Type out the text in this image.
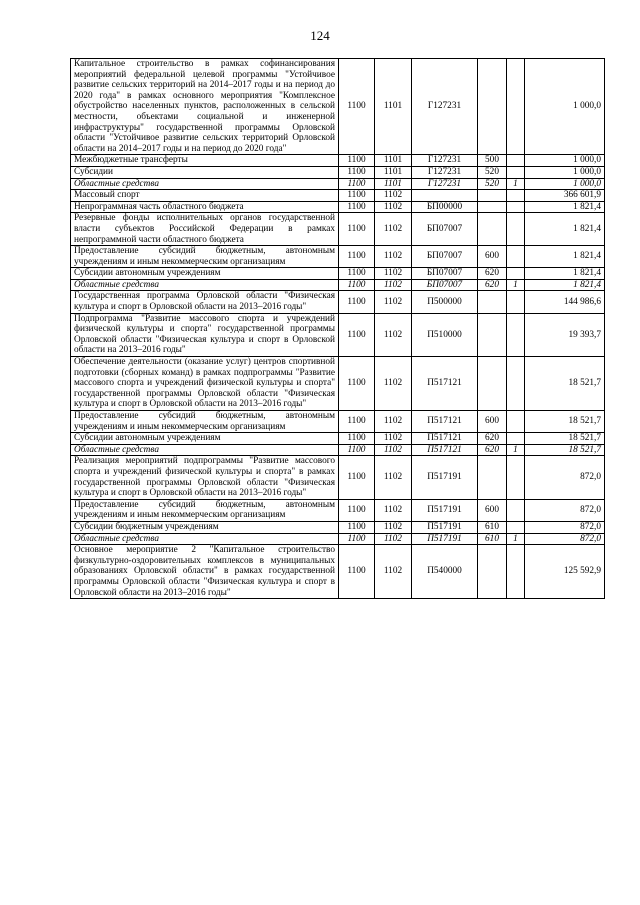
124
Капитальное строительство в рамках софинансирования мероприятий федеральной целевой программы "Устойчивое развитие сельских территорий на 2014–2017 годы и на период до 2020 года" в рамках основного мероприятия "Комплексное обустройство населенных пунктов, расположенных в сельской местности, объектами социальной и инженерной инфраструктуры" государственной программы Орловской области "Устойчивое развитие сельских территорий Орловской области на 2014–2017 годы и на период до 2020 года"	1100	1101	Г127231			1 000,0
Межбюджетные трансферты	1100	1101	Г127231	500		1 000,0
Субсидии	1100	1101	Г127231	520		1 000,0
Областные средства	1100	1101	Г127231	520	1	1 000,0
Массовый спорт	1100	1102				366 601,9
Непрограммная часть областного бюджета	1100	1102	БП00000			1 821,4
Резервные фонды исполнительных органов государственной власти субъектов Российской Федерации в рамках непрограммной части областного бюджета	1100	1102	БП07007			1 821,4
Предоставление субсидий бюджетным, автономным учреждениям и иным некоммерческим организациям	1100	1102	БП07007	600		1 821,4
Субсидии автономным учреждениям	1100	1102	БП07007	620		1 821,4
Областные средства	1100	1102	БП07007	620	1	1 821,4
Государственная программа Орловской области "Физическая культура и спорт в Орловской области на 2013–2016 годы"	1100	1102	П500000			144 986,6
Подпрограмма "Развитие массового спорта и учреждений физической культуры и спорта" государственной программы Орловской области "Физическая культура и спорт в Орловской области на 2013–2016 годы"	1100	1102	П510000			19 393,7
Обеспечение деятельности (оказание услуг) центров спортивной подготовки (сборных команд) в рамках подпрограммы "Развитие массового спорта и учреждений физической культуры и спорта" государственной программы Орловской области "Физическая культура и спорт в Орловской области на 2013–2016 годы"	1100	1102	П517121			18 521,7
Предоставление субсидий бюджетным, автономным учреждениям и иным некоммерческим организациям	1100	1102	П517121	600		18 521,7
Субсидии автономным учреждениям	1100	1102	П517121	620		18 521,7
Областные средства	1100	1102	П517121	620	1	18 521,7
Реализация мероприятий подпрограммы "Развитие массового спорта и учреждений физической культуры и спорта" в рамках государственной программы Орловской области "Физическая культура и спорт в Орловской области на 2013–2016 годы"	1100	1102	П517191			872,0
Предоставление субсидий бюджетным, автономным учреждениям и иным некоммерческим организациям	1100	1102	П517191	600		872,0
Субсидии бюджетным учреждениям	1100	1102	П517191	610		872,0
Областные средства	1100	1102	П517191	610	1	872,0
Основное мероприятие 2 "Капитальное строительство физкультурно-оздоровительных комплексов в муниципальных образованиях Орловской области" в рамках государственной программы Орловской области "Физическая культура и спорт в Орловской области на 2013–2016 годы"	1100	1102	П540000			125 592,9
